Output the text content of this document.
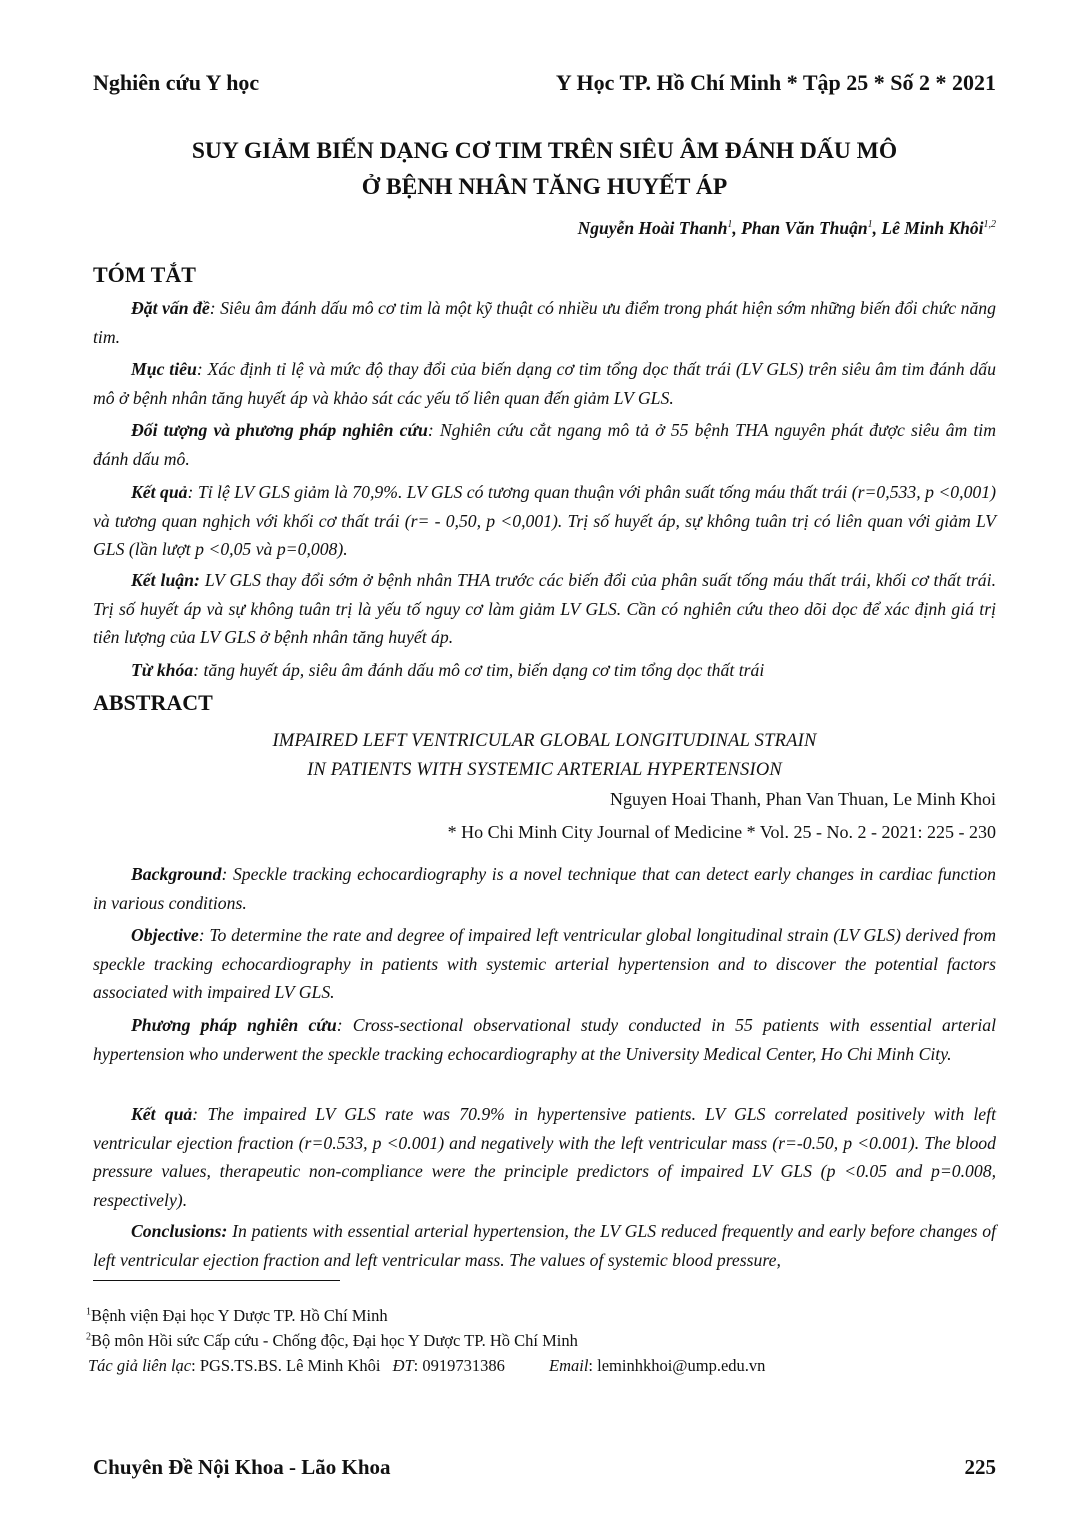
Nghiên cứu Y học	Y Học TP. Hồ Chí Minh * Tập 25 * Số 2 * 2021
SUY GIẢM BIẾN DẠNG CƠ TIM TRÊN SIÊU ÂM ĐÁNH DẤU MÔ
Ở BỆNH NHÂN TĂNG HUYẾT ÁP
Nguyễn Hoài Thanh$^1$, Phan Văn Thuận$^1$, Lê Minh Khôi$^{1,2}$
TÓM TẮT

Đặt vấn đề: Siêu âm đánh dấu mô cơ tim là một kỹ thuật có nhiều ưu điểm trong phát hiện sớm những biến đổi chức năng tim.

Mục tiêu: Xác định tỉ lệ và mức độ thay đổi của biến dạng cơ tim tổng dọc thất trái (LV GLS) trên siêu âm tim đánh dấu mô ở bệnh nhân tăng huyết áp và khảo sát các yếu tố liên quan đến giảm LV GLS.

Đối tượng và phương pháp nghiên cứu: Nghiên cứu cắt ngang mô tả ở 55 bệnh THA nguyên phát được siêu âm tim đánh dấu mô.

Kết quả: Tỉ lệ LV GLS giảm là 70,9%. LV GLS có tương quan thuận với phân suất tống máu thất trái (r=0,533, p <0,001) và tương quan nghịch với khối cơ thất trái (r= - 0,50, p <0,001). Trị số huyết áp, sự không tuân trị có liên quan với giảm LV GLS (lần lượt p <0,05 và p=0,008).

Kết luận: LV GLS thay đổi sớm ở bệnh nhân THA trước các biến đổi của phân suất tống máu thất trái, khối cơ thất trái. Trị số huyết áp và sự không tuân trị là yếu tố nguy cơ làm giảm LV GLS. Cần có nghiên cứu theo dõi dọc để xác định giá trị tiên lượng của LV GLS ở bệnh nhân tăng huyết áp.

Từ khóa: tăng huyết áp, siêu âm đánh dấu mô cơ tim, biến dạng cơ tim tổng dọc thất trái

ABSTRACT
IMPAIRED LEFT VENTRICULAR GLOBAL LONGITUDINAL STRAIN
IN PATIENTS WITH SYSTEMIC ARTERIAL HYPERTENSION
Nguyen Hoai Thanh, Phan Van Thuan, Le Minh Khoi
* Ho Chi Minh City Journal of Medicine * Vol. 25 - No. 2 - 2021: 225 - 230

Background: Speckle tracking echocardiography is a novel technique that can detect early changes in cardiac function in various conditions.

Objective: To determine the rate and degree of impaired left ventricular global longitudinal strain (LV GLS) derived from speckle tracking echocardiography in patients with systemic arterial hypertension and to discover the potential factors associated with impaired LV GLS.

Phương pháp nghiên cứu: Cross-sectional observational study conducted in 55 patients with essential arterial hypertension who underwent the speckle tracking echocardiography at the University Medical Center, Ho Chi Minh City.

Kết quả: The impaired LV GLS rate was 70.9% in hypertensive patients. LV GLS correlated positively with left ventricular ejection fraction (r=0.533, p <0.001) and negatively with the left ventricular mass (r=-0.50, p <0.001). The blood pressure values, therapeutic non-compliance were the principle predictors of impaired LV GLS (p <0.05 and p=0.008, respectively).

Conclusions: In patients with essential arterial hypertension, the LV GLS reduced frequently and early before changes of left ventricular ejection fraction and left ventricular mass. The values of systemic blood pressure,

$^1$Bệnh viện Đại học Y Dược TP. Hồ Chí Minh
$^2$Bộ môn Hồi sức Cấp cứu - Chống độc, Đại học Y Dược TP. Hồ Chí Minh
Tác giả liên lạc: PGS.TS.BS. Lê Minh Khôi ĐT: 0919731386	Email: leminhkhoi@ump.edu.vn
Chuyên Đề Nội Khoa - Lão Khoa	225
